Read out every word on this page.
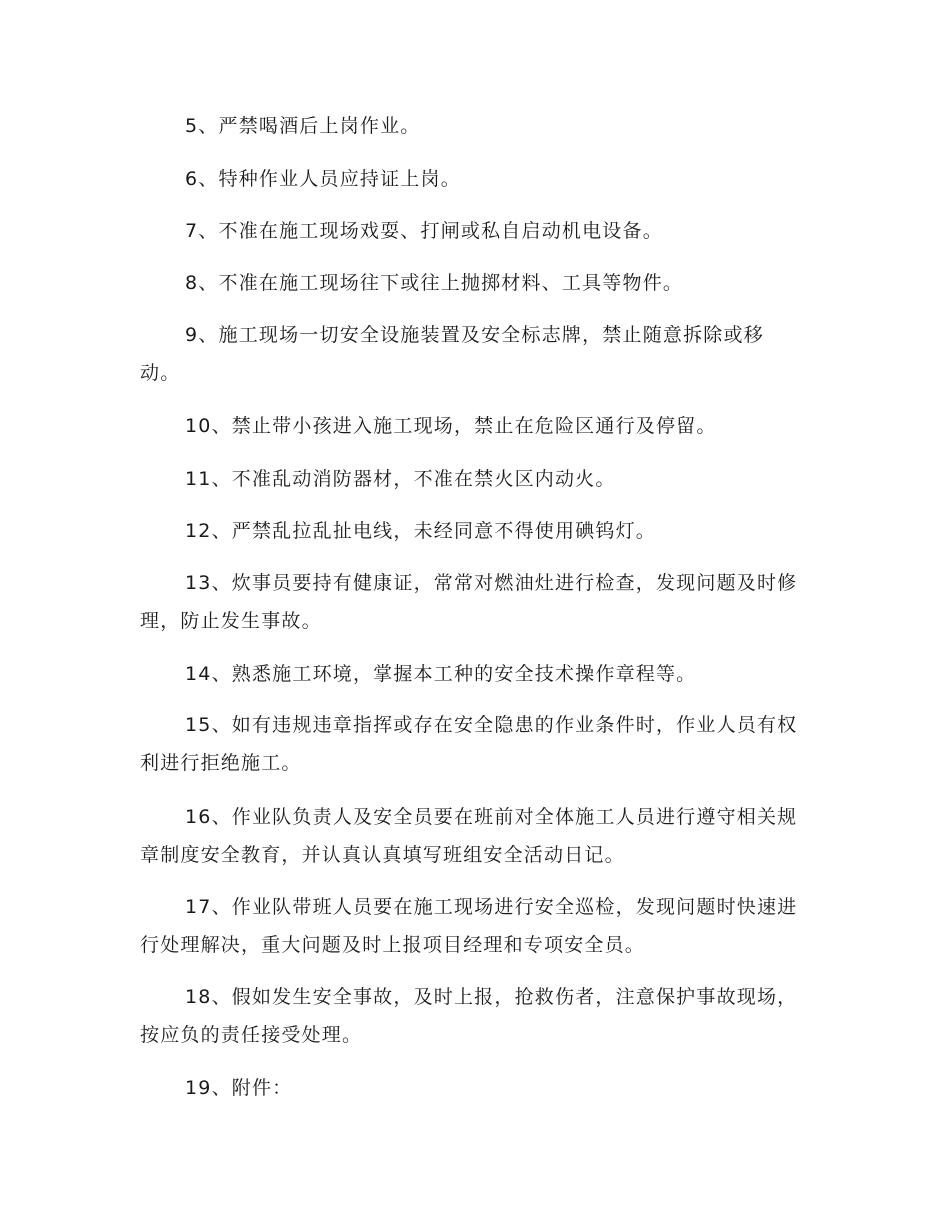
5、严禁喝酒后上岗作业。

6、特种作业人员应持证上岗。

7、不准在施工现场戏耍、打闸或私自启动机电设备。

8、不准在施工现场往下或往上抛掷材料、工具等物件。

9、施工现场一切安全设施装置及安全标志牌，禁止随意拆除或移动。

10、禁止带小孩进入施工现场，禁止在危险区通行及停留。

11、不准乱动消防器材，不准在禁火区内动火。

12、严禁乱拉乱扯电线，未经同意不得使用碘钨灯。

13、炊事员要持有健康证，常常对燃油灶进行检查，发现问题及时修理，防止发生事故。

14、熟悉施工环境，掌握本工种的安全技术操作章程等。

15、如有违规违章指挥或存在安全隐患的作业条件时，作业人员有权利进行拒绝施工。

16、作业队负责人及安全员要在班前对全体施工人员进行遵守相关规章制度安全教育，并认真认真填写班组安全活动日记。

17、作业队带班人员要在施工现场进行安全巡检，发现问题时快速进行处理解决，重大问题及时上报项目经理和专项安全员。

18、假如发生安全事故，及时上报，抢救伤者，注意保护事故现场，按应负的责任接受处理。

19、附件：
